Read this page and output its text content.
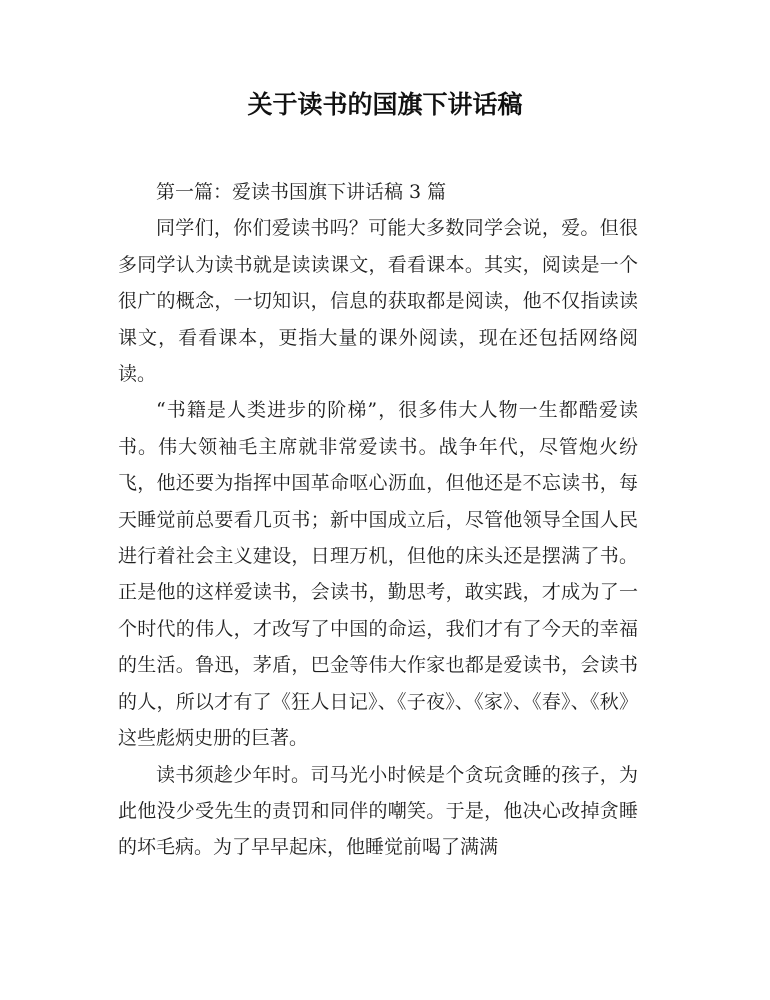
关于读书的国旗下讲话稿

第一篇：爱读书国旗下讲话稿 3 篇

同学们，你们爱读书吗？可能大多数同学会说，爱。但很多同学认为读书就是读读课文，看看课本。其实，阅读是一个很广的概念，一切知识，信息的获取都是阅读，他不仅指读读课文，看看课本，更指大量的课外阅读，现在还包括网络阅读。

“书籍是人类进步的阶梯”，很多伟大人物一生都酷爱读书。伟大领袖毛主席就非常爱读书。战争年代，尽管炮火纷飞，他还要为指挥中国革命呕心沥血，但他还是不忘读书，每天睡觉前总要看几页书；新中国成立后，尽管他领导全国人民进行着社会主义建设，日理万机，但他的床头还是摆满了书。正是他的这样爱读书，会读书，勤思考，敢实践，才成为了一个时代的伟人，才改写了中国的命运，我们才有了今天的幸福的生活。鲁迅，茅盾，巴金等伟大作家也都是爱读书，会读书的人，所以才有了《狂人日记》、《子夜》、《家》、《春》、《秋》这些彪炳史册的巨著。

读书须趁少年时。司马光小时候是个贪玩贪睡的孩子，为此他没少受先生的责罚和同伴的嘲笑。于是，他决心改掉贪睡的坏毛病。为了早早起床，他睡觉前喝了满满
